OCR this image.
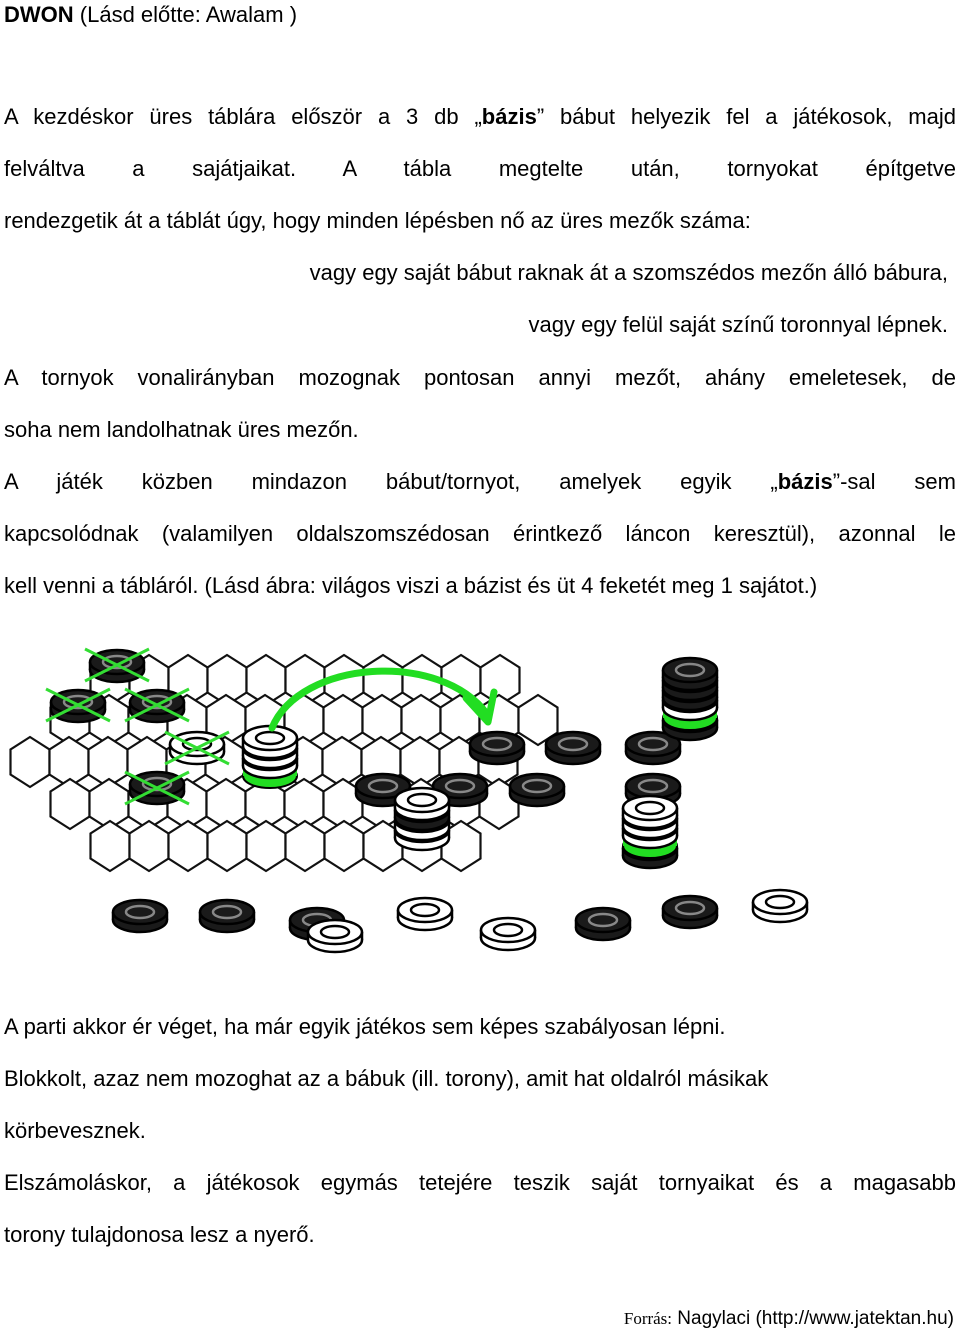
DWON (Lásd előtte: Awalam )
A kezdéskor üres táblára először a 3 db „bázis” bábut helyezik fel a játékosok, majd
felváltva a sajátjaikat. A tábla megtelte után, tornyokat építgetve
rendezgetik át a táblát úgy, hogy minden lépésben nő az üres mezők száma:
vagy egy saját bábut raknak át a szomszédos mezőn álló bábura,
vagy egy felül saját színű toronnyal lépnek.
A tornyok vonalirányban mozognak pontosan annyi mezőt, ahány emeletesek, de
soha nem landolhatnak üres mezőn.
A játék közben mindazon bábut/tornyot, amelyek egyik „bázis”-sal sem
kapcsolódnak (valamilyen oldalszomszédosan érintkező láncon keresztül), azonnal le
kell venni a tábláról. (Lásd ábra: világos viszi a bázist és üt 4 feketét meg 1 sajátot.)
A parti akkor ér véget, ha már egyik játékos sem képes szabályosan lépni.
Blokkolt, azaz nem mozoghat az a bábuk (ill. torony), amit hat oldalról másikak
körbevesznek.
Elszámoláskor, a játékosok egymás tetejére teszik saját tornyaikat és a magasabb
torony tulajdonosa lesz a nyerő.
Forrás: Nagylaci (http://www.jatektan.hu)
